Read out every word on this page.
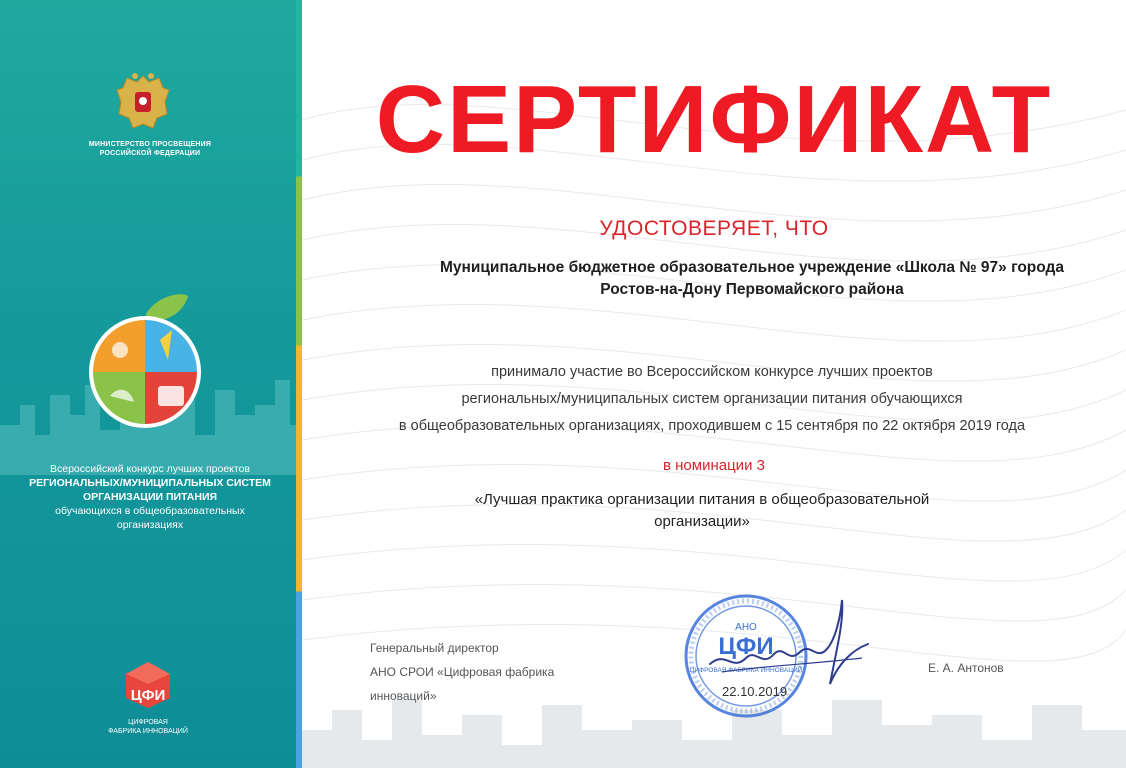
МИНИСТЕРСТВО ПРОСВЕЩЕНИЯ
РОССИЙСКОЙ ФЕДЕРАЦИИ
Всероссийский конкурс лучших проектов
РЕГИОНАЛЬНЫХ/МУНИЦИПАЛЬНЫХ СИСТЕМ
ОРГАНИЗАЦИИ ПИТАНИЯ
обучающихся в общеобразовательных
организациях
ЦФИ
ЦИФРОВАЯ
ФАБРИКА ИННОВАЦИЙ
СЕРТИФИКАТ
УДОСТОВЕРЯЕТ, ЧТО
Муниципальное бюджетное образовательное учреждение «Школа № 97» города
Ростов-на-Дону Первомайского района
принимало участие во Всероссийском конкурсе лучших проектов
региональных/муниципальных систем организации питания обучающихся
в общеобразовательных организациях, проходившем с 15 сентября по 22 октября 2019 года
в номинации 3
«Лучшая практика организации питания в общеобразовательной
организации»
Генеральный директор
АНО СРОИ «Цифровая фабрика
инноваций»
АНО
ЦФИ
ЦИФРОВАЯ ФАБРИКА ИННОВАЦИЙ
22.10.2019
Е. А. Антонов
